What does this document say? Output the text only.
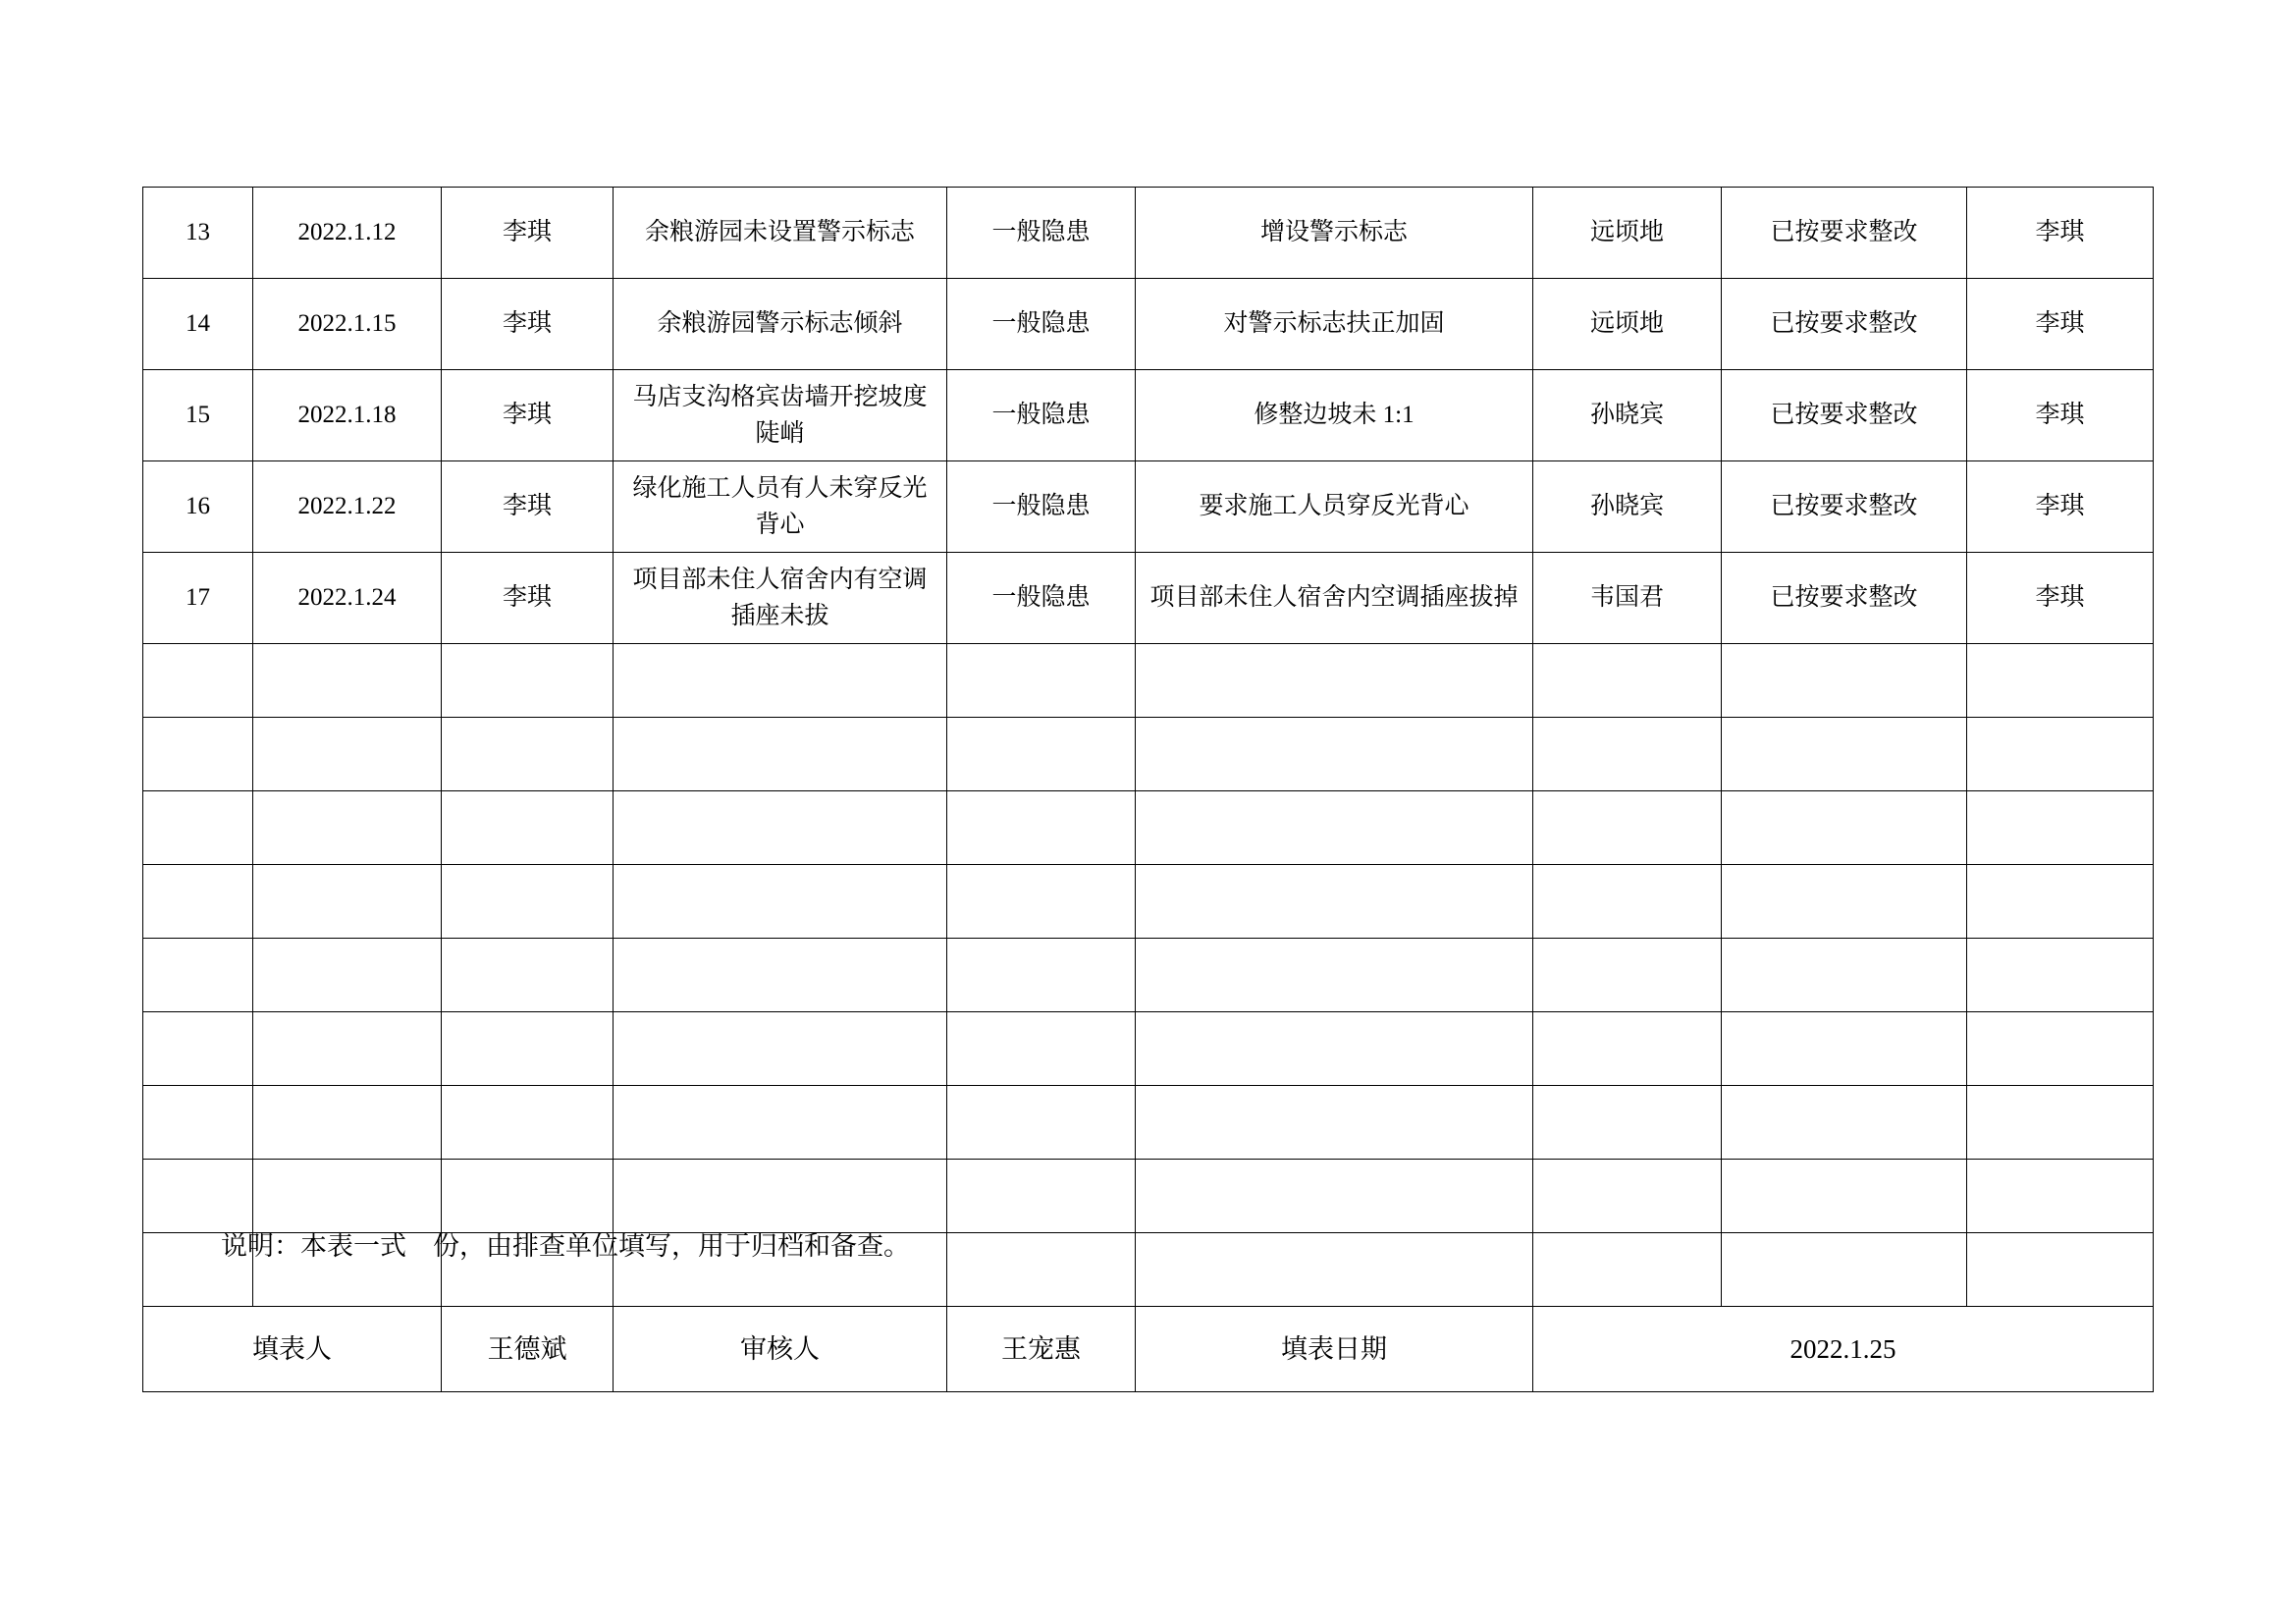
13	2022.1.12	李琪	余粮游园未设置警示标志	一般隐患	增设警示标志	远顷地	已按要求整改	李琪
14	2022.1.15	李琪	余粮游园警示标志倾斜	一般隐患	对警示标志扶正加固	远顷地	已按要求整改	李琪
15	2022.1.18	李琪	马店支沟格宾齿墙开挖坡度陡峭	一般隐患	修整边坡未 1:1	孙晓宾	已按要求整改	李琪
16	2022.1.22	李琪	绿化施工人员有人未穿反光背心	一般隐患	要求施工人员穿反光背心	孙晓宾	已按要求整改	李琪
17	2022.1.24	李琪	项目部未住人宿舍内有空调插座未拔	一般隐患	项目部未住人宿舍内空调插座拔掉	韦国君	已按要求整改	李琪

填表人		王德斌	审核人	王宠惠	填表日期	2022.1.25		
说明：本表一式　份，由排查单位填写，用于归档和备查。
